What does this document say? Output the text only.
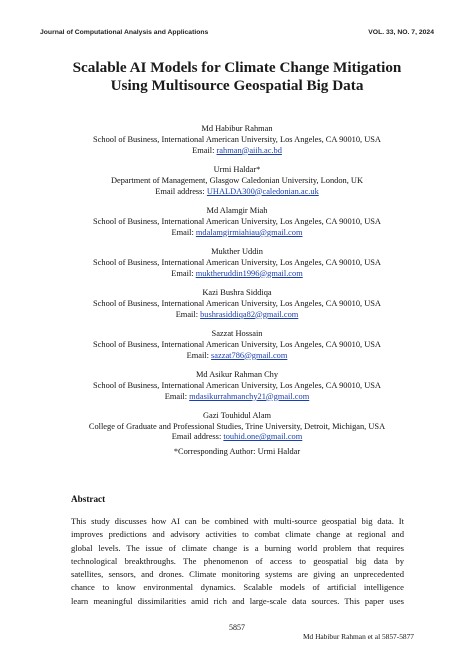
Journal of Computational Analysis and Applications	VOL. 33, NO. 7, 2024
Scalable AI Models for Climate Change Mitigation
Using Multisource Geospatial Big Data
Md Habibur Rahman
School of Business, International American University, Los Angeles, CA 90010, USA
Email: rahman@aiih.ac.bd
Urmi Haldar*
Department of Management, Glasgow Caledonian University, London, UK
Email address: UHALDA300@caledonian.ac.uk
Md Alamgir Miah
School of Business, International American University, Los Angeles, CA 90010, USA
Email: mdalamgirmiahiau@gmail.com
Mukther Uddin
School of Business, International American University, Los Angeles, CA 90010, USA
Email: muktheruddin1996@gmail.com
Kazi Bushra Siddiqa
School of Business, International American University, Los Angeles, CA 90010, USA
Email: bushrasiddiqa82@gmail.com
Sazzat Hossain
School of Business, International American University, Los Angeles, CA 90010, USA
Email: sazzat786@gmail.com
Md Asikur Rahman Chy
School of Business, International American University, Los Angeles, CA 90010, USA
Email: mdasikurrahmanchy21@gmail.com
Gazi Touhidul Alam
College of Graduate and Professional Studies, Trine University, Detroit, Michigan, USA
Email address: touhid.one@gmail.com
*Corresponding Author: Urmi Haldar
Abstract
This study discusses how AI can be combined with multi-source geospatial big data. It
improves predictions and advisory activities to combat climate change at regional and
global levels. The issue of climate change is a burning world problem that requires
technological breakthroughs. The phenomenon of access to geospatial big data by
satellites, sensors, and drones. Climate monitoring systems are giving an unprecedented
chance to know environmental dynamics. Scalable models of artificial intelligence
learn meaningful dissimilarities amid rich and large-scale data sources. This paper uses
5857
Md Habibur Rahman et al 5857-5877
